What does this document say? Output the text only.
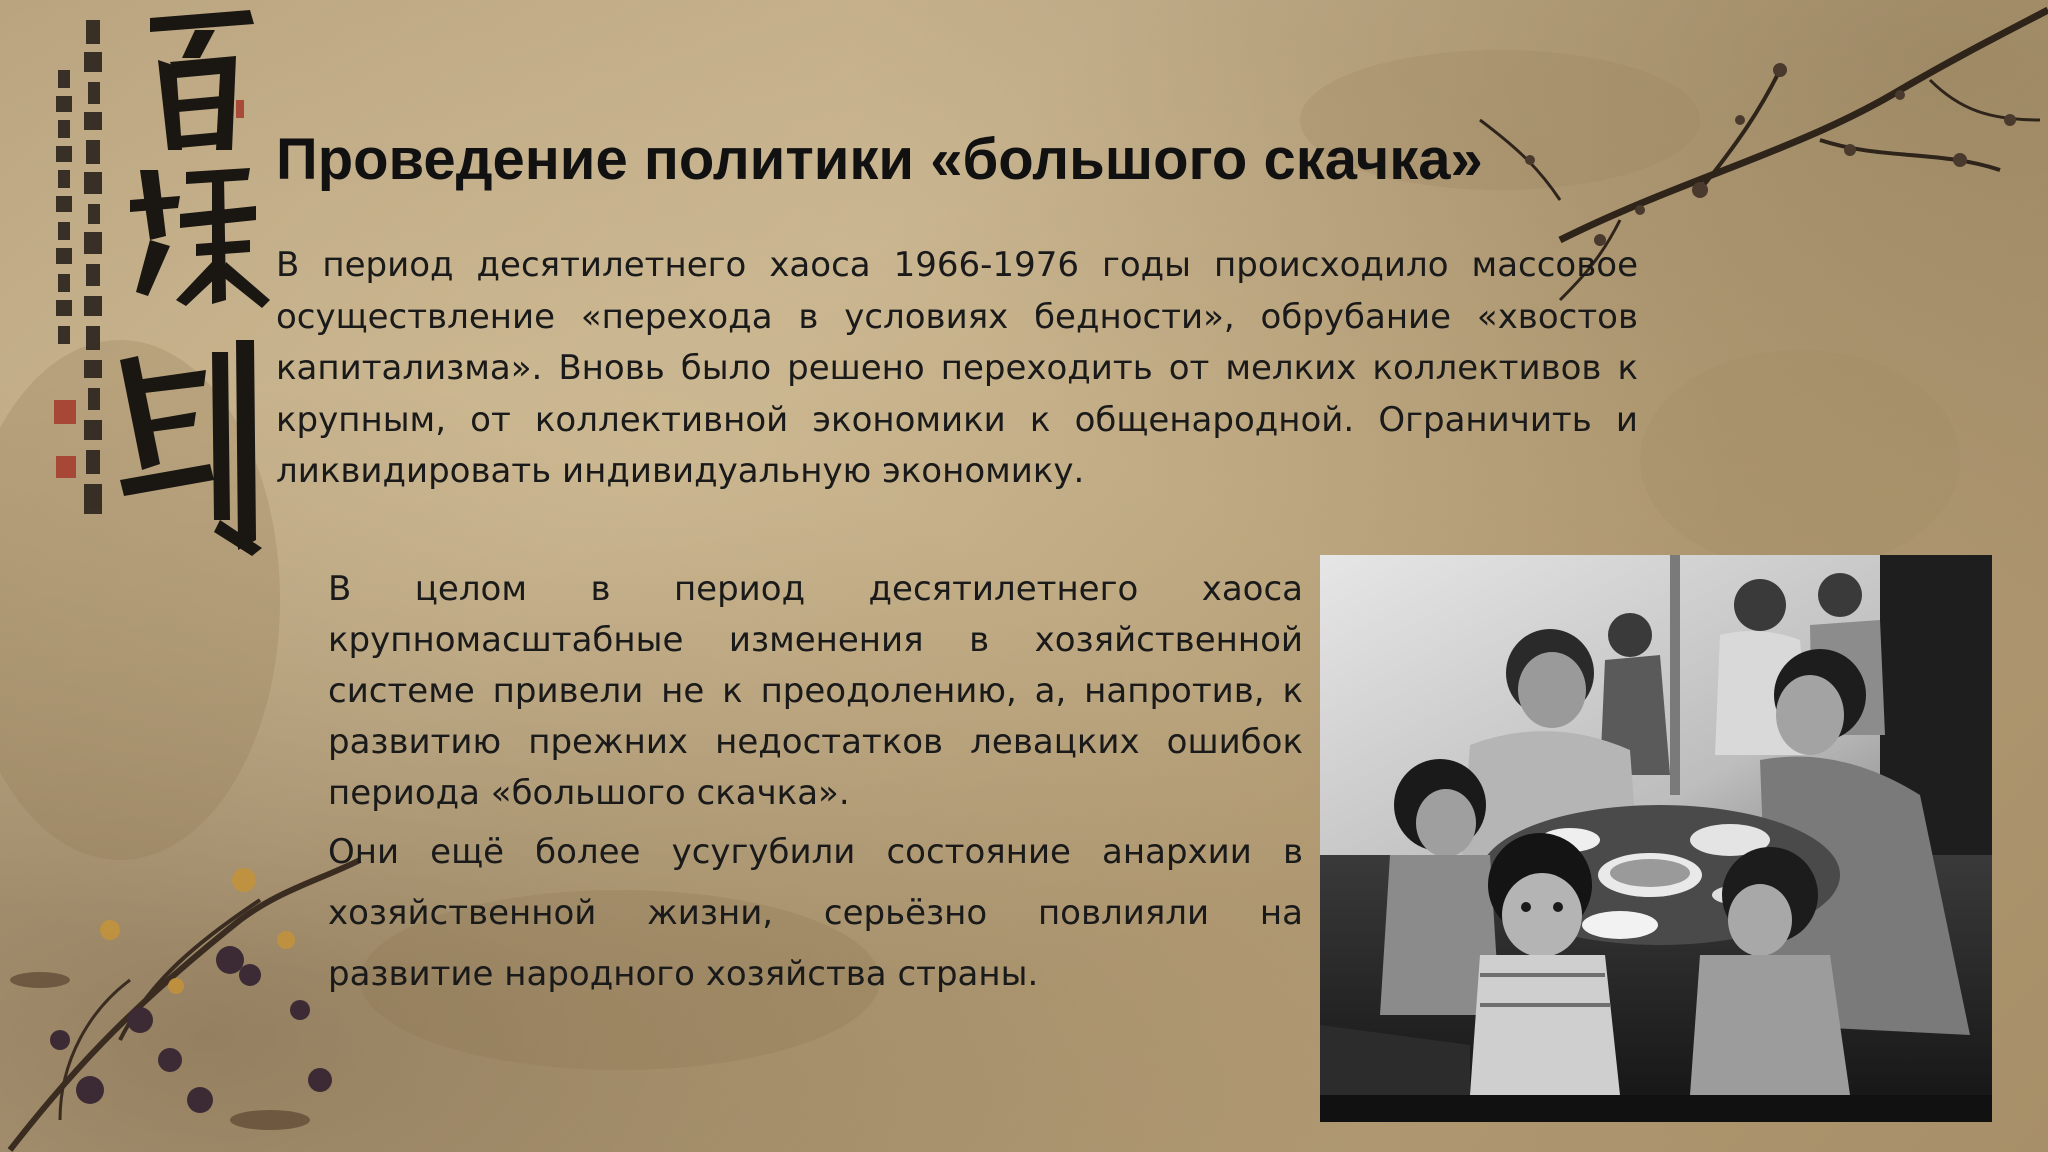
Проведение политики «большого скачка»

В период десятилетнего хаоса 1966-1976 годы происходило массовое осуществление «перехода в условиях бедности», обрубание «хвостов капитализма». Вновь было решено переходить от мелких коллективов к крупным, от коллективной экономики к общенародной. Ограничить и ликвидировать индивидуальную экономику.

В целом в период десятилетнего хаоса крупномасштабные изменения в хозяйственной системе привели не к преодолению, а, напротив, к развитию прежних недостатков левацких ошибок периода «большого скачка».

Они ещё более усугубили состояние анархии в хозяйственной жизни, серьёзно повлияли на развитие народного хозяйства страны.
